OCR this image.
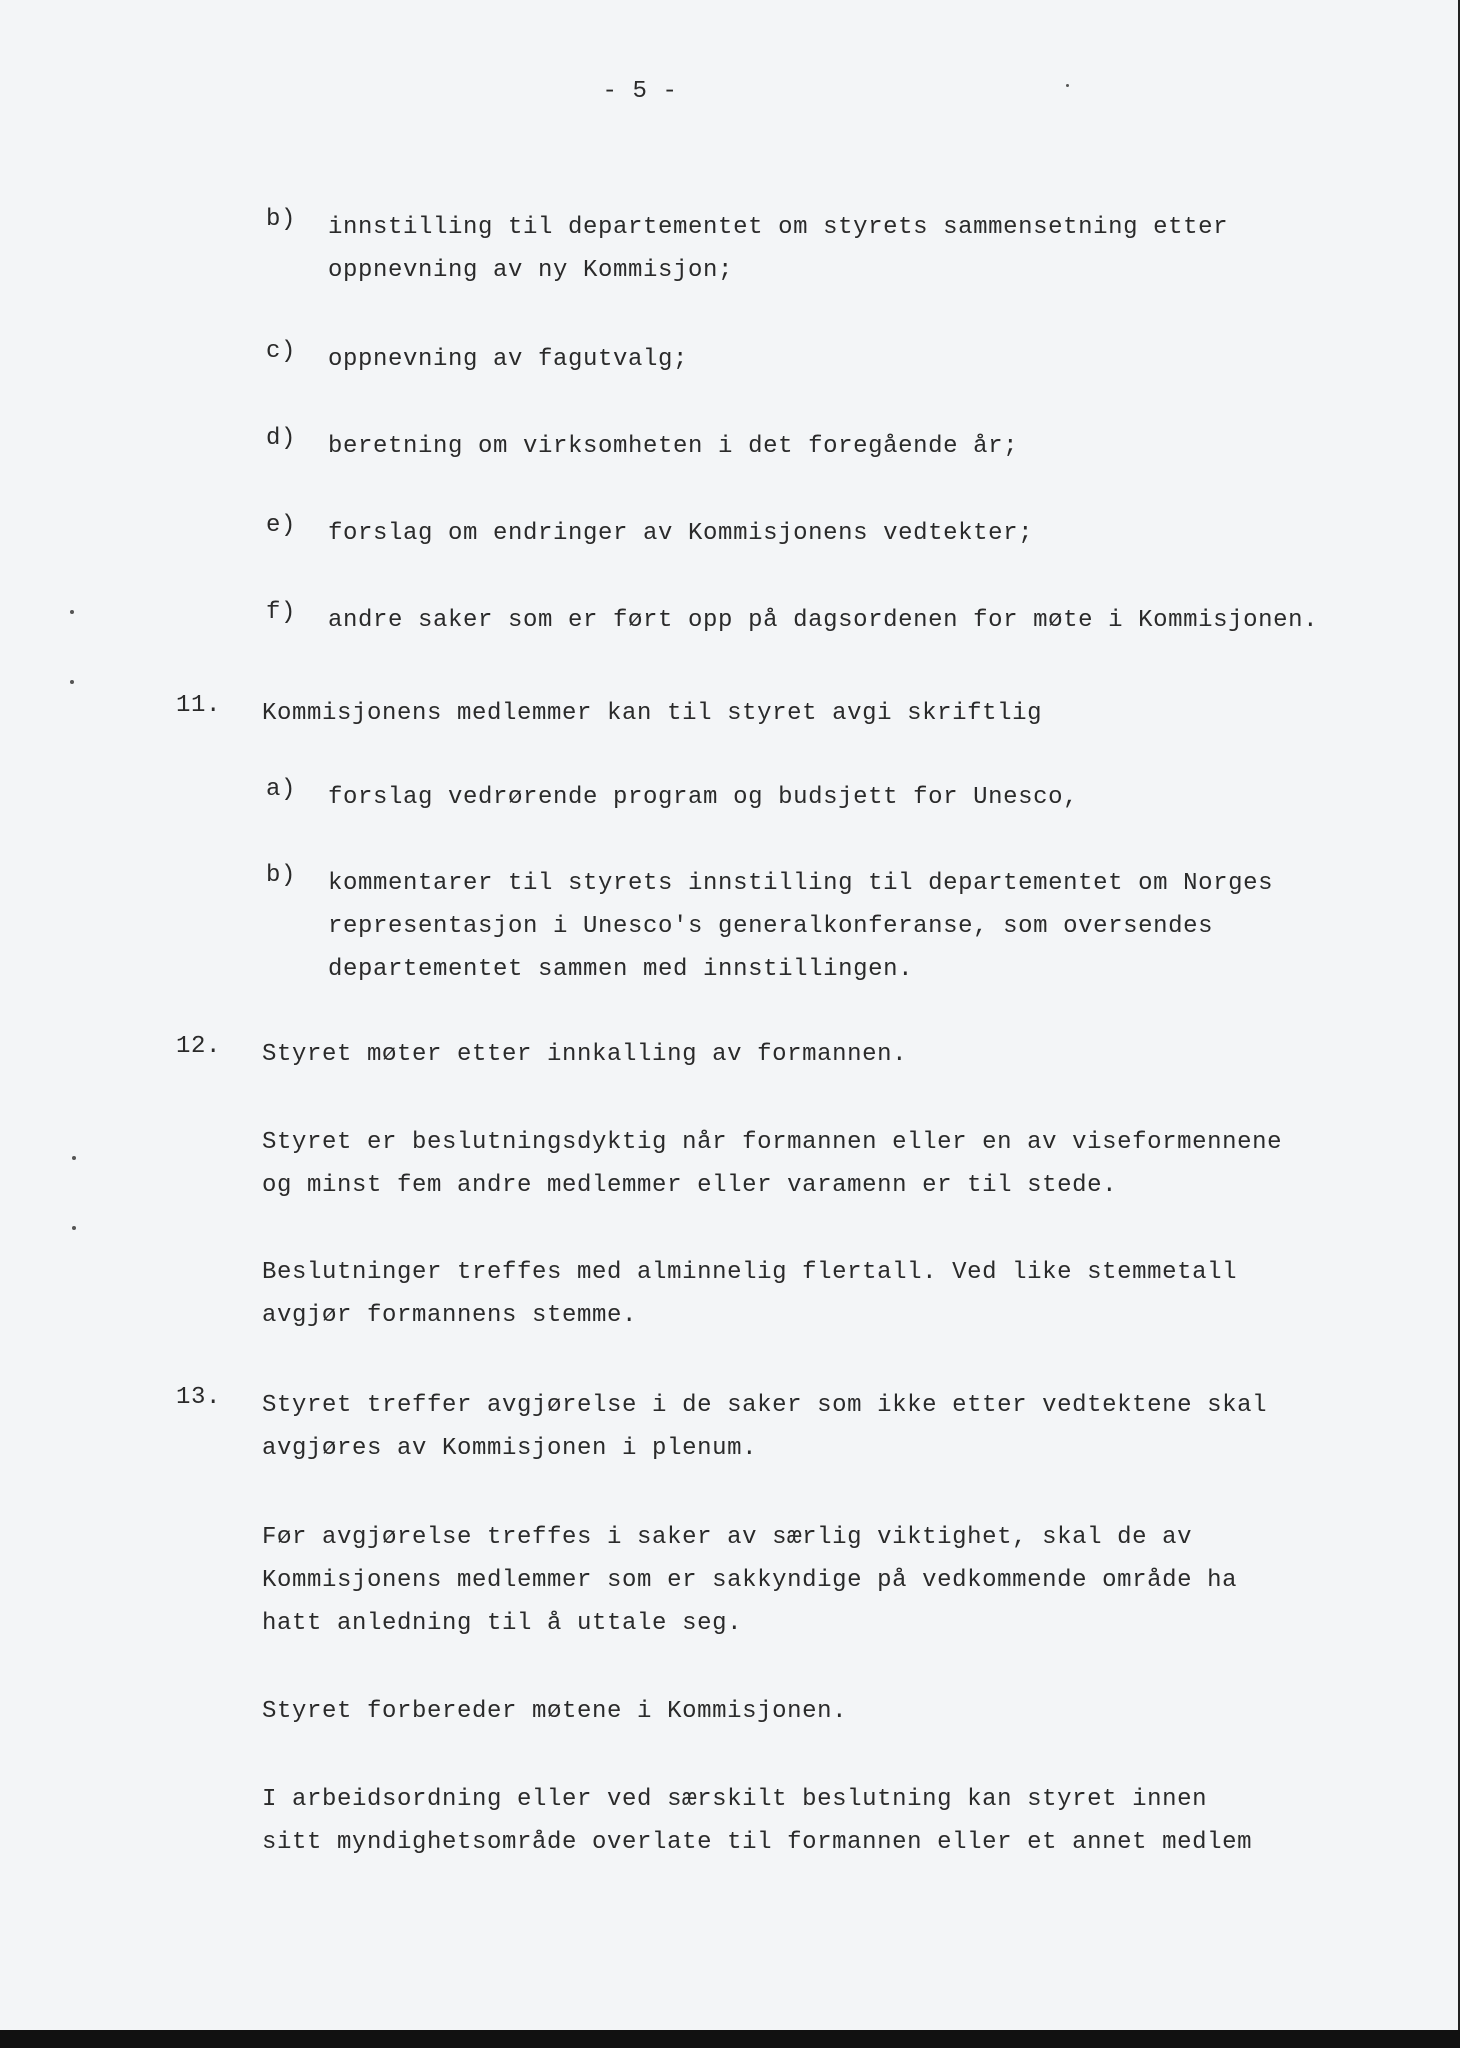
- 5 -
b)	innstilling til departementet om styrets sammensetning etter
oppnevning av ny Kommisjon;
c)	oppnevning av fagutvalg;
d)	beretning om virksomheten i det foregående år;
e)	forslag om endringer av Kommisjonens vedtekter;
f)	andre saker som er ført opp på dagsordenen for møte i Kommisjonen.
11.	Kommisjonens medlemmer kan til styret avgi skriftlig
a)	forslag vedrørende program og budsjett for Unesco,
b)	kommentarer til styrets innstilling til departementet om Norges
representasjon i Unesco's generalkonferanse, som oversendes
departementet sammen med innstillingen.
12.	Styret møter etter innkalling av formannen.
Styret er beslutningsdyktig når formannen eller en av viseformennene
og minst fem andre medlemmer eller varamenn er til stede.
Beslutninger treffes med alminnelig flertall. Ved like stemmetall
avgjør formannens stemme.
13.	Styret treffer avgjørelse i de saker som ikke etter vedtektene skal
avgjøres av Kommisjonen i plenum.
Før avgjørelse treffes i saker av særlig viktighet, skal de av
Kommisjonens medlemmer som er sakkyndige på vedkommende område ha
hatt anledning til å uttale seg.
Styret forbereder møtene i Kommisjonen.
I arbeidsordning eller ved særskilt beslutning kan styret innen
sitt myndighetsområde overlate til formannen eller et annet medlem
